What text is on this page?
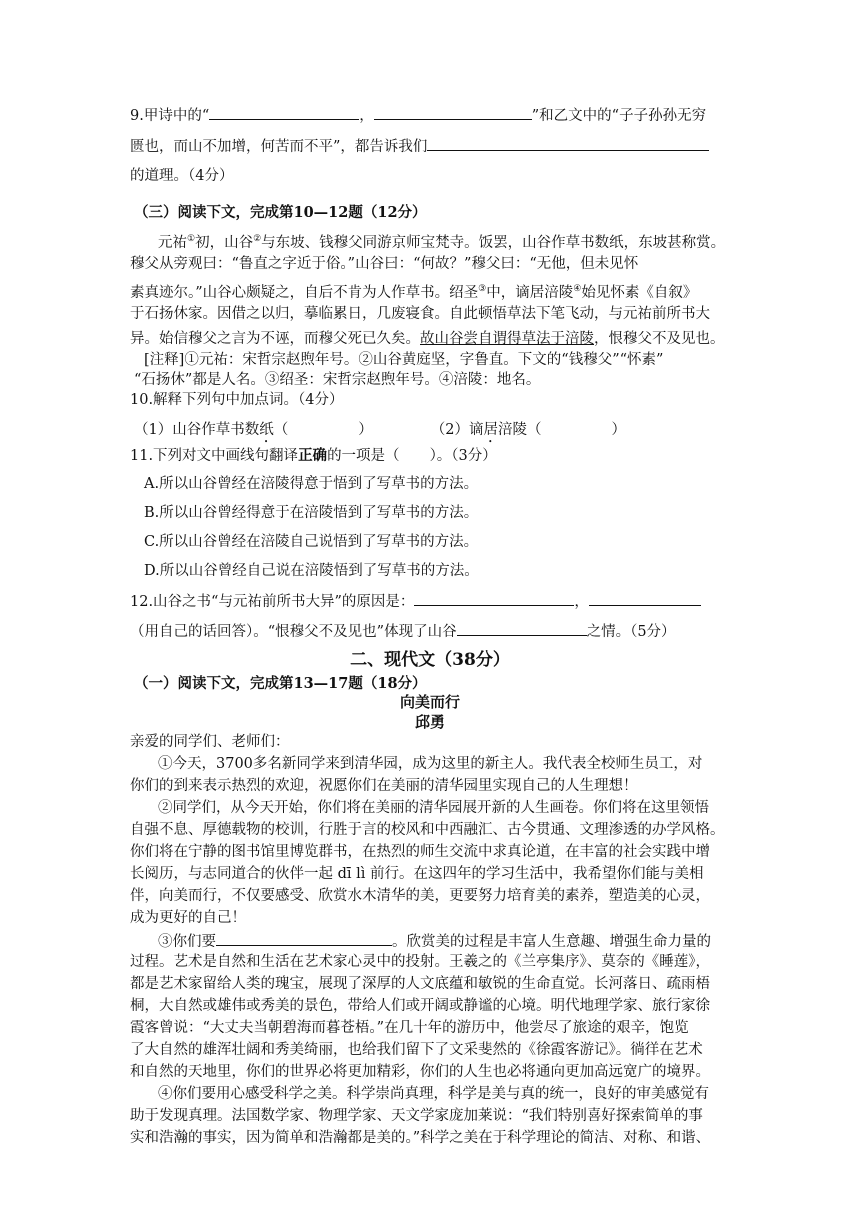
9.甲诗中的“	，	”和乙文中的“子子孙孙无穷
匮也，而山不加增，何苦而不平”，都告诉我们
的道理。（4分）
（三）阅读下文，完成第10—12题（12分）
元祐①初，山谷②与东坡、钱穆父同游京师宝梵寺。饭罢，山谷作草书数纸，东坡甚称赏。
穆父从旁观曰：“鲁直之字近于俗。”山谷曰：“何故？”穆父曰：“无他，但未见怀
素真迹尔。”山谷心颇疑之，自后不肯为人作草书。绍圣③中，谪居涪陵④始见怀素《自叙》
于石扬休家。因借之以归，摹临累日，几废寝食。自此顿悟草法下笔飞动，与元祐前所书大
异。始信穆父之言为不诬，而穆父死已久矣。故山谷尝自谓得草法于涪陵，恨穆父不及见也。
[注释]①元祐：宋哲宗赵煦年号。②山谷黄庭坚，字鲁直。下文的“钱穆父”“怀素”
“石扬休”都是人名。③绍圣：宋哲宗赵煦年号。④涪陵：地名。
10.解释下列句中加点词。（4分）
（1）山谷作草书数纸（	）	（2）谪居涪陵（	）
11.下列对文中画线句翻译正确的一项是（ ）。（3分）
A.所以山谷曾经在涪陵得意于悟到了写草书的方法。
B.所以山谷曾经得意于在涪陵悟到了写草书的方法。
C.所以山谷曾经在涪陵自己说悟到了写草书的方法。
D.所以山谷曾经自己说在涪陵悟到了写草书的方法。
12.山谷之书“与元祐前所书大异”的原因是：	，
（用自己的话回答）。“恨穆父不及见也”体现了山谷	之情。（5分）
二、现代文（38分）
（一）阅读下文，完成第13—17题（18分）
向美而行
邱勇
亲爱的同学们、老师们：
①今天，3700多名新同学来到清华园，成为这里的新主人。我代表全校师生员工，对
你们的到来表示热烈的欢迎，祝愿你们在美丽的清华园里实现自己的人生理想！
②同学们，从今天开始，你们将在美丽的清华园展开新的人生画卷。你们将在这里领悟
自强不息、厚德载物的校训，行胜于言的校风和中西融汇、古今贯通、文理渗透的办学风格。
你们将在宁静的图书馆里博览群书，在热烈的师生交流中求真论道，在丰富的社会实践中增
长阅历，与志同道合的伙伴一起 dī lì 前行。在这四年的学习生活中，我希望你们能与美相
伴，向美而行，不仅要感受、欣赏水木清华的美，更要努力培育美的素养，塑造美的心灵，
成为更好的自己！
③你们要	。欣赏美的过程是丰富人生意趣、增强生命力量的
过程。艺术是自然和生活在艺术家心灵中的投射。王羲之的《兰亭集序》、莫奈的《睡莲》，
都是艺术家留给人类的瑰宝，展现了深厚的人文底蕴和敏锐的生命直觉。长河落日、疏雨梧
桐，大自然或雄伟或秀美的景色，带给人们或开阔或静谧的心境。明代地理学家、旅行家徐
霞客曾说：“大丈夫当朝碧海而暮苍梧。”在几十年的游历中，他尝尽了旅途的艰辛，饱览
了大自然的雄浑壮阔和秀美绮丽，也给我们留下了文采斐然的《徐霞客游记》。徜徉在艺术
和自然的天地里，你们的世界必将更加精彩，你们的人生也必将通向更加高远宽广的境界。
④你们要用心感受科学之美。科学崇尚真理，科学是美与真的统一，良好的审美感觉有
助于发现真理。法国数学家、物理学家、天文学家庞加莱说：“我们特别喜好探索简单的事
实和浩瀚的事实，因为简单和浩瀚都是美的。”科学之美在于科学理论的简洁、对称、和谐、
